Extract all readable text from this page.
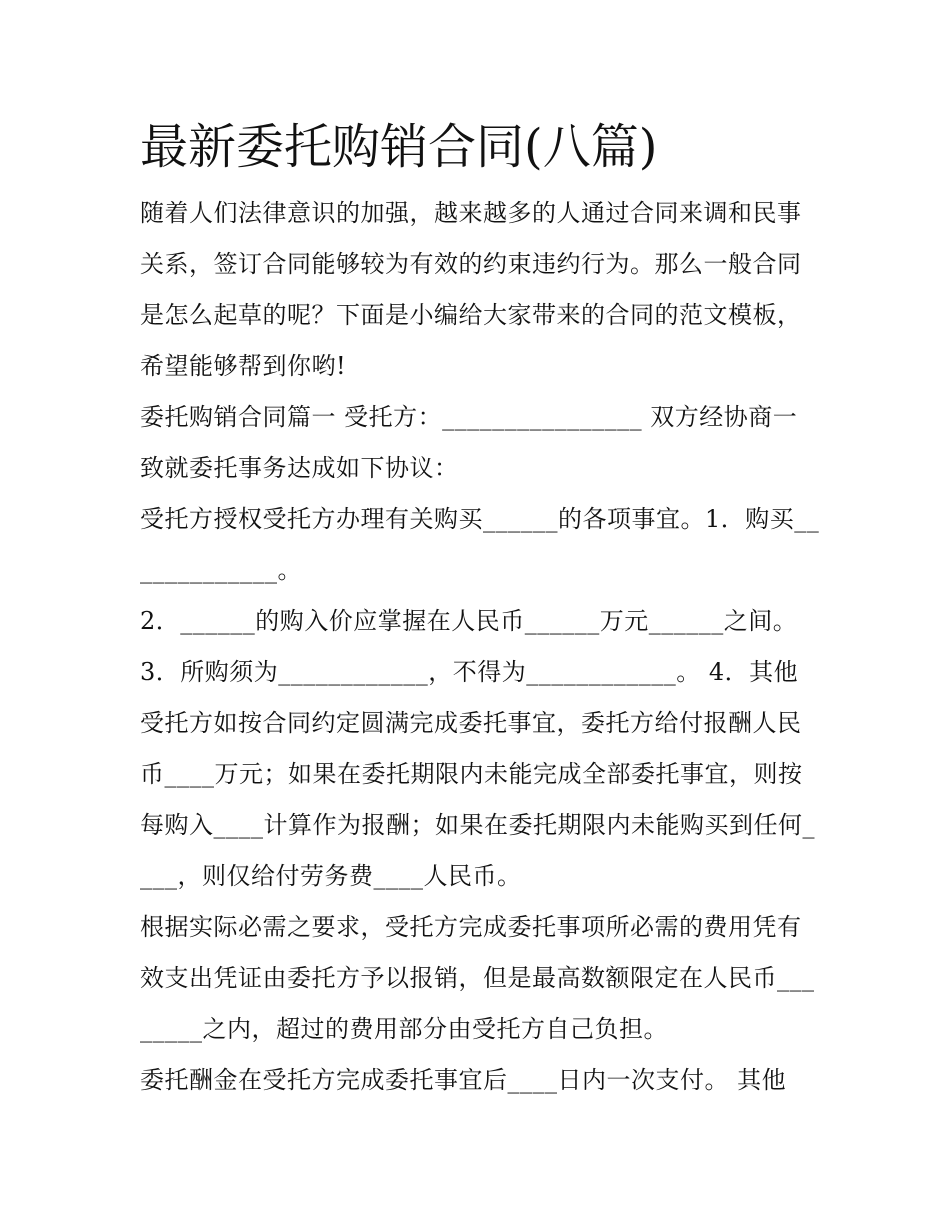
最新委托购销合同(八篇)

随着人们法律意识的加强，越来越多的人通过合同来调和民事关系，签订合同能够较为有效的约束违约行为。那么一般合同是怎么起草的呢？下面是小编给大家带来的合同的范文模板，希望能够帮到你哟!

委托购销合同篇一 受托方：________________ 双方经协商一致就委托事务达成如下协议：

受托方授权受托方办理有关购买______的各项事宜。1．购买_____________。

2．______的购入价应掌握在人民币______万元______之间。

3．所购须为____________，不得为____________。 4．其他

受托方如按合同约定圆满完成委托事宜，委托方给付报酬人民币____万元；如果在委托期限内未能完成全部委托事宜，则按每购入____计算作为报酬；如果在委托期限内未能购买到任何____，则仅给付劳务费____人民币。

根据实际必需之要求，受托方完成委托事项所必需的费用凭有效支出凭证由委托方予以报销，但是最高数额限定在人民币________之内，超过的费用部分由受托方自己负担。

委托酬金在受托方完成委托事宜后____日内一次支付。 其他
